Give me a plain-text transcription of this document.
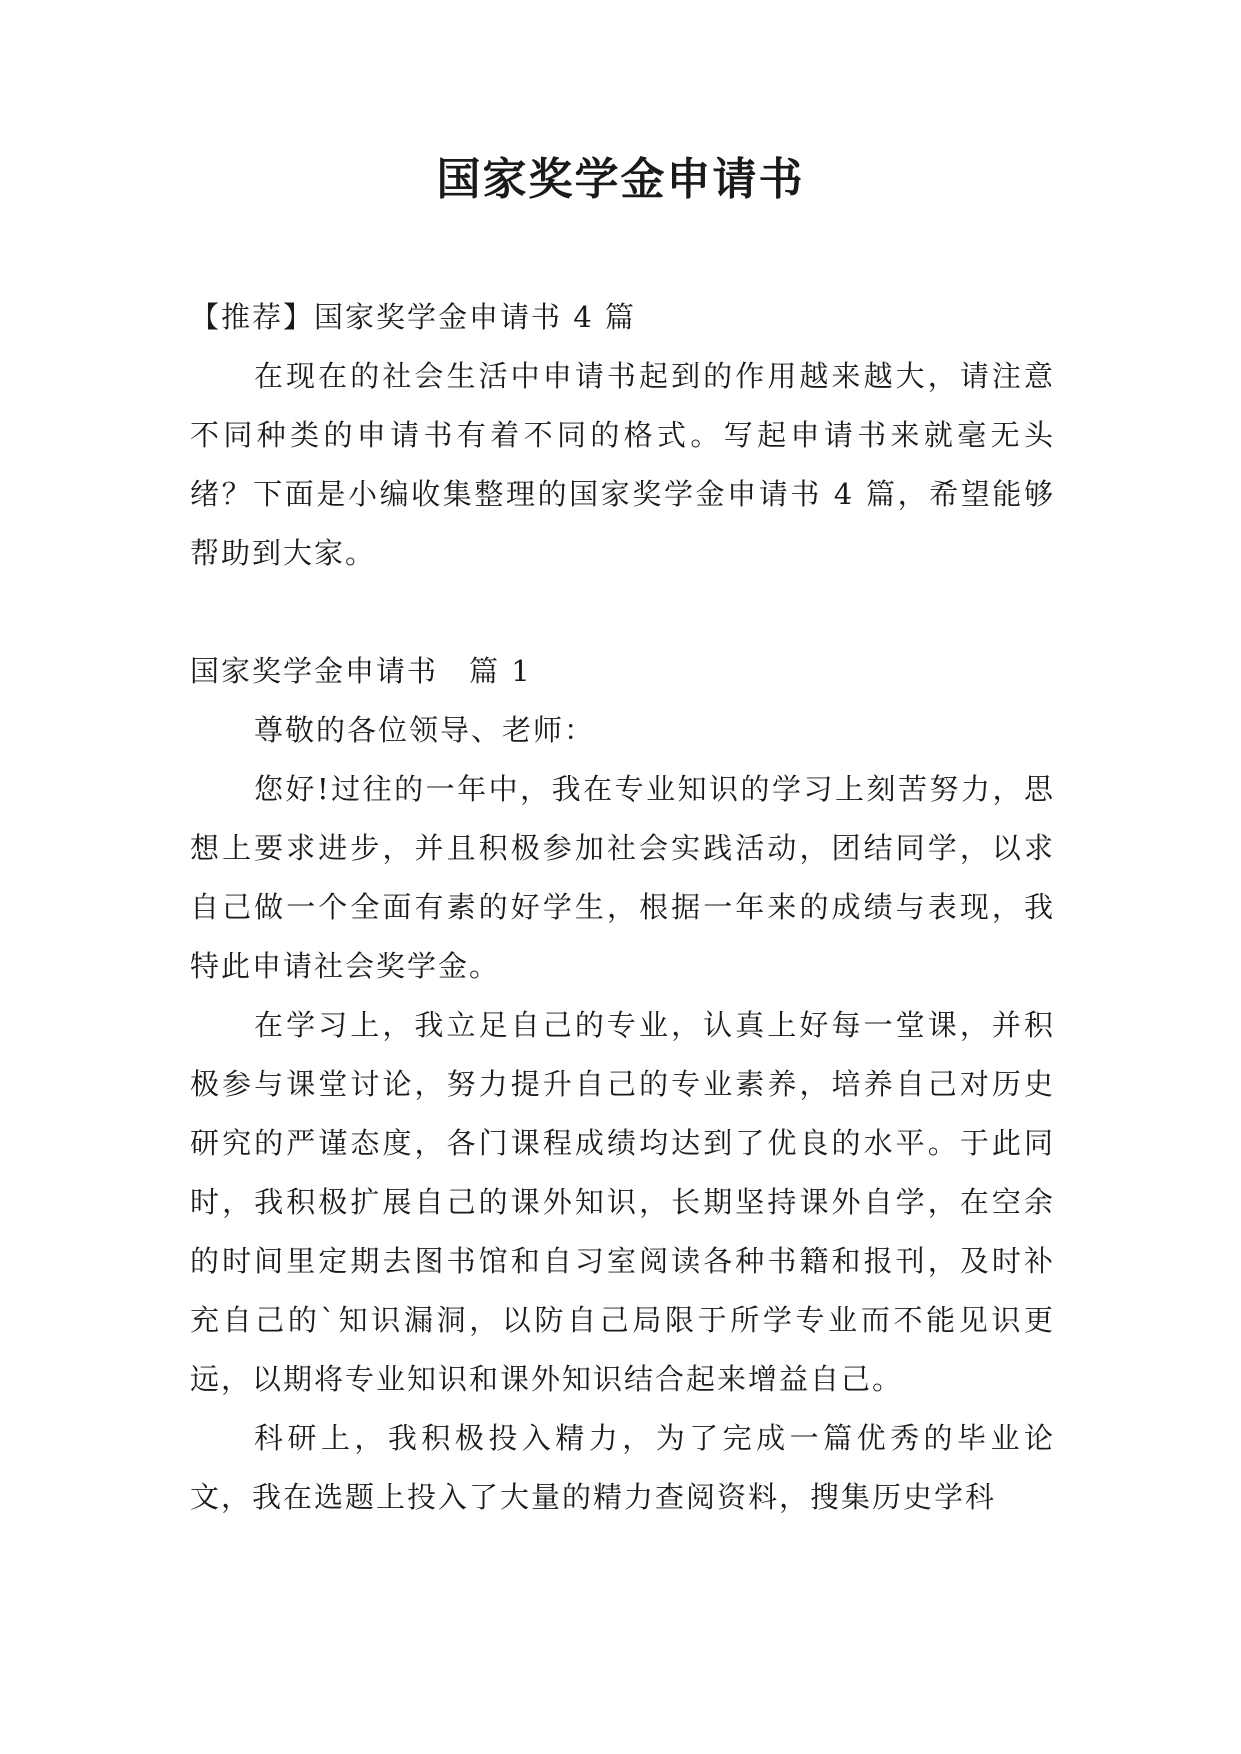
国家奖学金申请书

【推荐】国家奖学金申请书 4 篇

在现在的社会生活中申请书起到的作用越来越大，请注意不同种类的申请书有着不同的格式。写起申请书来就毫无头绪？下面是小编收集整理的国家奖学金申请书 4 篇，希望能够帮助到大家。

国家奖学金申请书　篇 1

尊敬的各位领导、老师：

您好!过往的一年中，我在专业知识的学习上刻苦努力，思想上要求进步，并且积极参加社会实践活动，团结同学，以求自己做一个全面有素的好学生，根据一年来的成绩与表现，我特此申请社会奖学金。

在学习上，我立足自己的专业，认真上好每一堂课，并积极参与课堂讨论，努力提升自己的专业素养，培养自己对历史研究的严谨态度，各门课程成绩均达到了优良的水平。于此同时，我积极扩展自己的课外知识，长期坚持课外自学，在空余的时间里定期去图书馆和自习室阅读各种书籍和报刊，及时补充自己的`知识漏洞，以防自己局限于所学专业而不能见识更远，以期将专业知识和课外知识结合起来增益自己。

科研上，我积极投入精力，为了完成一篇优秀的毕业论文，我在选题上投入了大量的精力查阅资料，搜集历史学科
